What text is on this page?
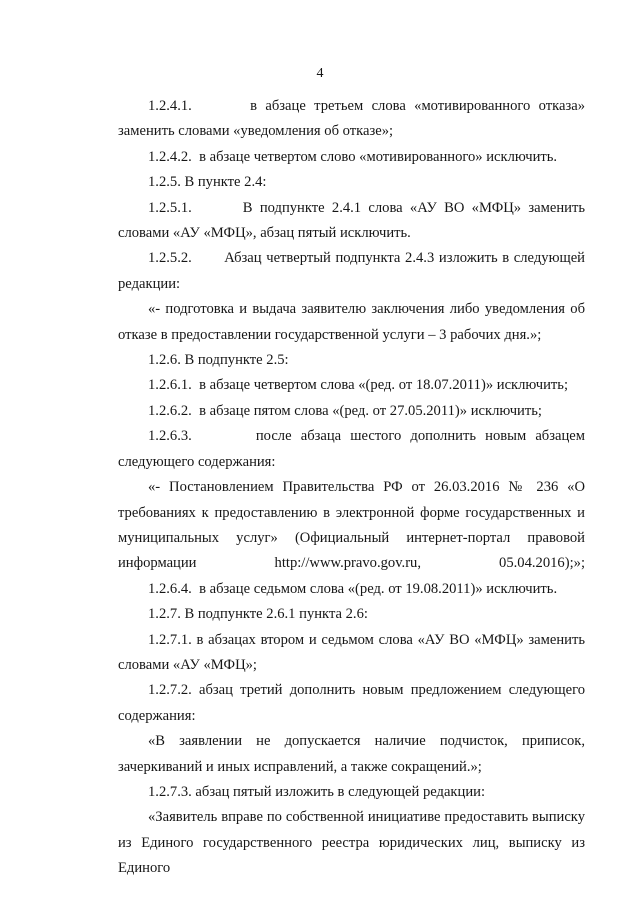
4

1.2.4.1.       в абзаце третьем слова «мотивированного отказа» заменить словами «уведомления об отказе»;

1.2.4.2.  в абзаце четвертом слово «мотивированного» исключить.

1.2.5. В пункте 2.4:

1.2.5.1.       В подпункте 2.4.1 слова «АУ ВО «МФЦ» заменить словами «АУ «МФЦ», абзац пятый исключить.

1.2.5.2.       Абзац четвертый подпункта 2.4.3 изложить в следующей редакции:

«- подготовка и выдача заявителю заключения либо уведомления об отказе в предоставлении государственной услуги – 3 рабочих дня.»;

1.2.6. В подпункте 2.5:

1.2.6.1.  в абзаце четвертом слова «(ред. от 18.07.2011)» исключить;

1.2.6.2.  в абзаце пятом слова «(ред. от 27.05.2011)» исключить;

1.2.6.3.       после абзаца шестого дополнить новым абзацем следующего содержания:

«- Постановлением Правительства РФ от 26.03.2016 № 236 «О требованиях к предоставлению в электронной форме государственных и муниципальных услуг» (Официальный интернет-портал правовой информации http://www.pravo.gov.ru, 05.04.2016);»;

1.2.6.4.  в абзаце седьмом слова «(ред. от 19.08.2011)» исключить.

1.2.7. В подпункте 2.6.1 пункта 2.6:

1.2.7.1. в абзацах втором и седьмом слова «АУ ВО «МФЦ» заменить словами «АУ «МФЦ»;

1.2.7.2. абзац третий дополнить новым предложением следующего содержания:

«В заявлении не допускается наличие подчисток, приписок, зачеркиваний и иных исправлений, а также сокращений.»;

1.2.7.3. абзац пятый изложить в следующей редакции:

«Заявитель вправе по собственной инициативе предоставить выписку из Единого государственного реестра юридических лиц, выписку из Единого
